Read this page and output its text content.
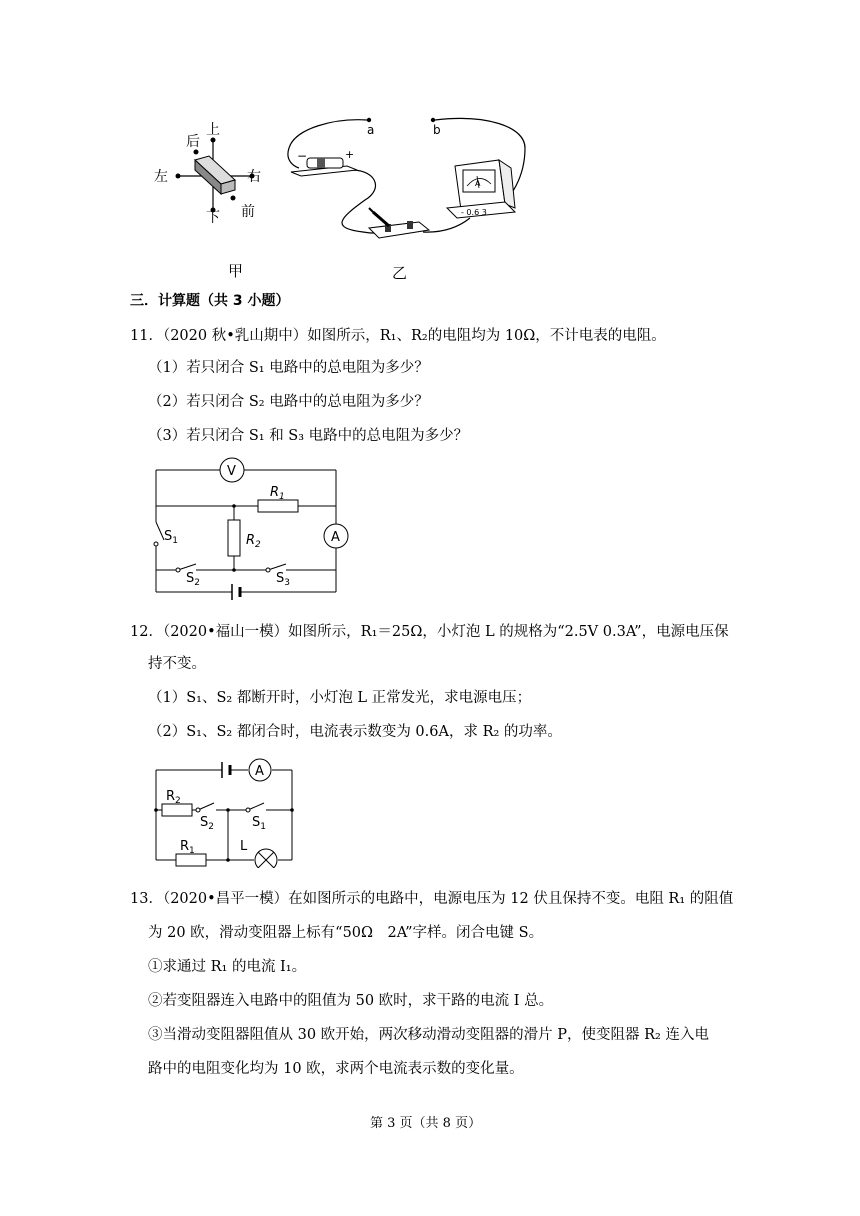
上
后
左	右
下 前
甲
a	b
−	+
A
- 0.6 3
乙
三．计算题（共 3 小题）
11．（2020 秋•乳山期中）如图所示，R₁、R₂的电阻均为 10Ω，不计电表的电阻。
（1）若只闭合 S₁ 电路中的总电阻为多少？
（2）若只闭合 S₂ 电路中的总电阻为多少？
（3）若只闭合 S₁ 和 S₃ 电路中的总电阻为多少？
V
A
$R_1$
$R_2$
$S_1$
$S_2$	$S_3$
12．（2020•福山一模）如图所示，R₁＝25Ω，小灯泡 L 的规格为“2.5V 0.3A”，电源电压保
持不变。
（1）S₁、S₂ 都断开时，小灯泡 L 正常发光，求电源电压；
（2）S₁、S₂ 都闭合时，电流表示数变为 0.6A，求 R₂ 的功率。
A
$R_2$
$S_2$	$S_1$
$R_1$	L
13．（2020•昌平一模）在如图所示的电路中，电源电压为 12 伏且保持不变。电阻 R₁ 的阻值
为 20 欧，滑动变阻器上标有“50Ω　2A”字样。闭合电键 S。
①求通过 R₁ 的电流 I₁。
②若变阻器连入电路中的阻值为 50 欧时，求干路的电流 I 总。
③当滑动变阻器阻值从 30 欧开始，两次移动滑动变阻器的滑片 P，使变阻器 R₂ 连入电
路中的电阻变化均为 10 欧，求两个电流表示数的变化量。
第 3 页（共 8 页）
